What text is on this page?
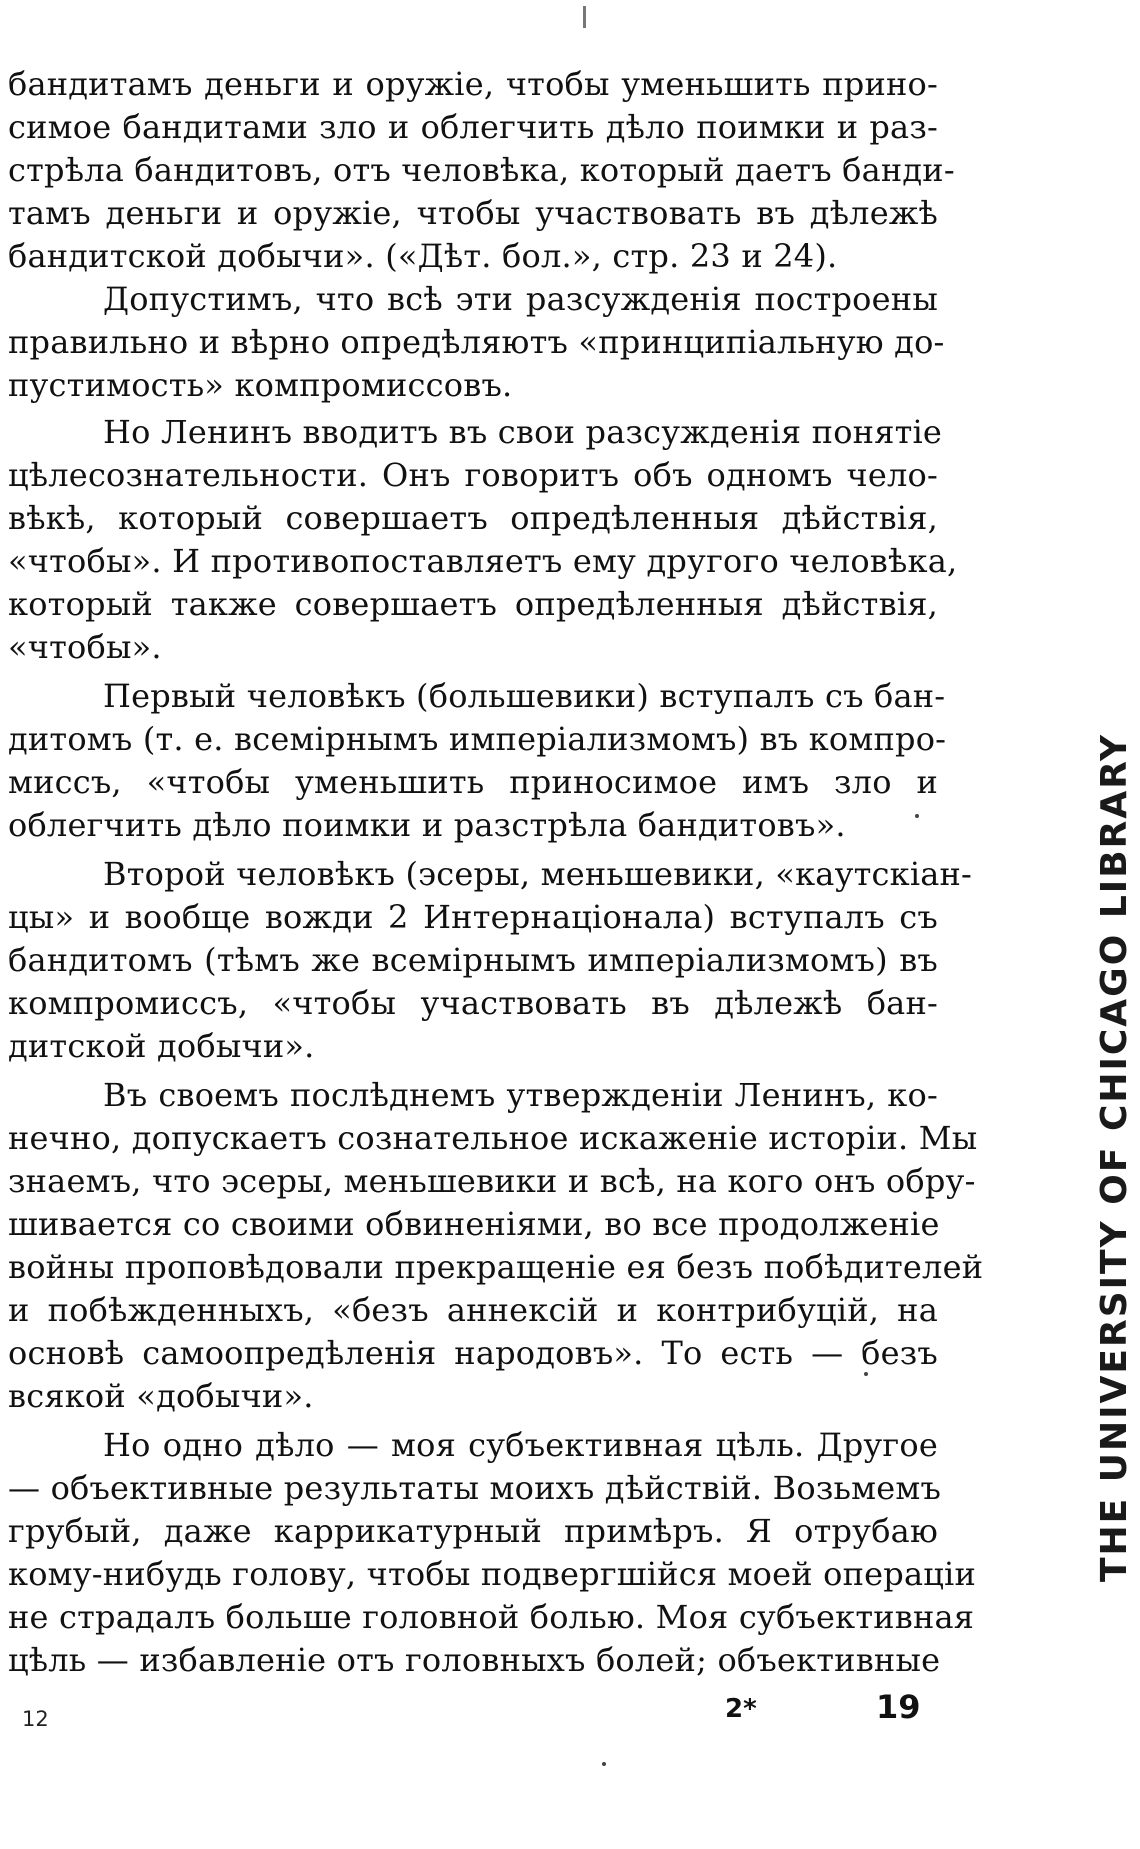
бандитамъ деньги и оружіе, чтобы уменьшить прино-
симое бандитами зло и облегчить дѣло поимки и раз-
стрѣла бандитовъ, отъ человѣка, который даетъ банди-
тамъ деньги и оружіе, чтобы участвовать въ дѣлежѣ
бандитской добычи». («Дѣт. бол.», стр. 23 и 24).
Допустимъ, что всѣ эти разсужденія построены
правильно и вѣрно опредѣляютъ «принципіальную до-
пустимость» компромиссовъ.
Но Ленинъ вводитъ въ свои разсужденія понятіе
цѣлесознательности. Онъ говоритъ объ одномъ чело-
вѣкѣ, который совершаетъ опредѣленныя дѣйствія,
«чтобы». И противопоставляетъ ему другого человѣка,
который также совершаетъ опредѣленныя дѣйствія,
«чтобы».
Первый человѣкъ (большевики) вступалъ съ бан-
дитомъ (т. е. всемірнымъ имперіализмомъ) въ компро-
миссъ, «чтобы уменьшить приносимое имъ зло и
облегчить дѣло поимки и разстрѣла бандитовъ».
Второй человѣкъ (эсеры, меньшевики, «каутскіан-
цы» и вообще вожди 2 Интернаціонала) вступалъ съ
бандитомъ (тѣмъ же всемірнымъ имперіализмомъ) въ
компромиссъ, «чтобы участвовать въ дѣлежѣ бан-
дитской добычи».
Въ своемъ послѣднемъ утвержденіи Ленинъ, ко-
нечно, допускаетъ сознательное искаженіе исторіи. Мы
знаемъ, что эсеры, меньшевики и всѣ, на кого онъ обру-
шивается со своими обвиненіями, во все продолженіе
войны проповѣдовали прекращеніе ея безъ побѣдителей
и побѣжденныхъ, «безъ аннексій и контрибуцій, на
основѣ самоопредѣленія народовъ». То есть — безъ
всякой «добычи».
Но одно дѣло — моя субъективная цѣль. Другое
— объективные результаты моихъ дѣйствій. Возьмемъ
грубый, даже каррикатурный примѣръ. Я отрубаю
кому-нибудь голову, чтобы подвергшійся моей операціи
не страдалъ больше головной болью. Моя субъективная
цѣль — избавленіе отъ головныхъ болей; объективные
THE UNIVERSITY OF CHICAGO LIBRARY
12	2*	19
